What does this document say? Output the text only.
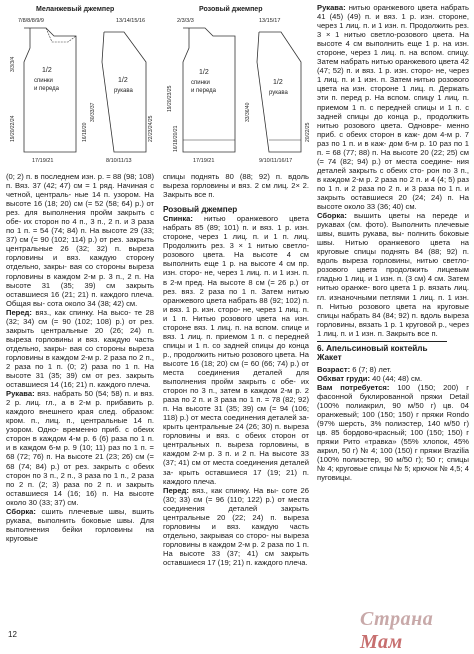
Меланжевый джемпер
7/8/8/8/9/9	13/14/15/16
1/2
спинки
и переда
1/2
рукава
3/3/3/4
19/20/22/24	16/18/20
30/33/37
22/23/24/25
17/19/21	8/10/11/13
Розовый джемпер
2/3/3/3	13/15/17
1/2
спинки
и переда
1/2
рукава
19/20/23/25
16/18/20/21
33/36/40
20/22/25
17/19/21	9/10/11/16/17

(0; 2) п. в последнем изн. р. = 88 (98; 108) п. Вяз. 37 (42; 47) см = 1 ряд. Начиная с четной, централь- ные 14 п. узором. На высоте 16 (18; 20) см (= 52 (58; 64) р.) от рез. для выполнения пройм закрыть с обе- их сторон по 4 п., 3 п., 2 п. и 3 раза по 1 п. = 54 (74; 84) п. На высоте 29 (33; 37) см (= 90 (102; 114) р.) от рез. закрыть центральные 26 (32; 32) п. выреза горловины и вяз. каждую сторону отдельно, закры- вая со стороны выреза горловины в каждом 2-м р. 3 п., 2 п. На высоте 31 (35; 39) см закрыть оставшиеся 16 (21; 21) п. каждого плеча. Общая вы- сота около 34 (38; 42) см.

Перед: вяз., как спинку. На высо- те 28 (32; 34) см (= 90 (102; 108) р.) от рез. закрыть центральные 20 (26; 24) п. выреза горловины и вяз. каждую часть отдельно, закры- вая со стороны выреза горловины в каждом 2-м р. 2 раза по 2 п., 2 раза по 1 п. (0; 2) раза по 1 п. На высоте 31 (35; 39) см от рез. закрыть оставшиеся 14 (16; 21) п. каждого плеча.

Рукава: вяз. набрать 50 (54; 58) п. и вяз. 2 р. лиц. гл., а в 2-м р. прибавить р. каждого внешнего края след. образом: кром. п., лиц. п., центральные 14 п. узором. Одно- временно приб. с обеих сторон в каждом 4-м р. 6 (6) раза по 1 п. и в каждом 6-м р. 9 (10; 11) раз по 1 п. = 68 (72; 76) п. На высоте 21 (23; 26) см (= 68 (74; 84) р.) от рез. закрыть с обеих сторон по 3 п., 2 п., 3 раза по 1 п., 2 раза по 2 п. (2; 3) раза по 2 п. и закрыть оставшиеся 14 (16; 16) п. На высоте около 30 (33; 37) см.

Сборка: сшить плечевые швы, вшить рукава, выполнить боковые швы. Для выполнения бейки горловины на круговые

спицы поднять 80 (88; 92) п. вдоль выреза горловины и вяз. 2 см лиц. 2× 2. Закрыть все п.

Розовый джемпер

Спинка: нитью оранжевого цвета набрать 85 (89; 101) п. и вяз. 1 р. изн. стороне, через 1 лиц. п. и 1 п. лиц. Продолжить рез. 3 × 1 нитью светло-розового цвета. На высоте 4 см выполнить еще 1 р. на высоте 4 см пр. изн. сторо- не, через 1 лиц. п. и 1 изн. п. в 2-м пред. На высоте 8 см (= 26 р.) от рез. вяз. 2 раза по 1 п. Затем нитью оранжевого цвета набрать 88 (92; 102) п. и вяз. 1 р. изн. сторо- не, через 1 лиц. п. и 1 п. Нитью розового цвета на изн. стороне вяз. 1 лиц. п. на вспом. спице и вяз. 1 лиц. п. приемом 1 п. с передней спицы и 1 п. со задней спицы до конца р., продолжить нитью розового цвета. На высоте 16 (18; 20) см (= 60 (66; 74) р.) от места соединения деталей для выполнения пройм закрыть с обе- их сторон по 3 п., затем в каждом 2-м р. 2 раза по 2 п. и 3 раза по 1 п. = 78 (82; 92) п. На высоте 31 (35; 39) см (= 94 (106; 118) р.) от места соединения деталей за- крыть центральные 24 (26; 30) п. выреза горловины и вяз. с обеих сторон от центральных п. выреза горловины, в каждом 2-м р. 3 п. и 2 п. На высоте 33 (37; 41) см от места соединения деталей за- крыть оставшиеся 17 (19; 21) п. каждого плеча.

Перед: вяз., как спинку. На вы- соте 26 (30; 33) см (= 96 (110; 122) р.) от места соединения деталей закрыть центральные 20 (22; 24) п. выреза горловины и вяз. каждую часть отдельно, закрывая со сторо- ны выреза горловины в каждом 2-м р. 2 раза по 1 п. На высоте 33 (37; 41) см закрыть оставшиеся 17 (19; 21) п. каждого плеча.

Рукава: нитью оранжевого цвета набрать 41 (45) (49) п. и вяз. 1 р. изн. стороне, через 1 лиц. п. и 1 изн. п. Продолжить рез. 3 × 1 нитью светло-розового цвета. На высоте 4 см выполнить еще 1 р. на изн. стороне, через 1 лиц. п. на вспом. спицу. Затем набрать нитью оранжевого цвета 42 (47; 52) п. и вяз. 1 р. изн. сторо- не, через 1 лиц. п. и 1 изн. п. Затем нитью розового цвета на изн. стороне 1 лиц. п. Держать эти п. перед р. На вспом. спицу 1 лиц. п. приемом 1 п. с передней спицы и 1 п. с задней спицы до конца р., продолжить нитью розового цвета. Одновре- менно приб. с обеих сторон в каж- дом 4-м р. 7 раз по 1 п. и в каж- дом 6-м р. 10 раз по 1 п. = 68 (77; 88) п. На высоте 20 (22; 25) см (= 74 (82; 94) р.) от места соедине- ния деталей закрыть с обеих сто- рон по 3 п., в каждом 2-м р. 2 раза по 2 п. и 4 (4; 5) раз по 1 п. и 2 раза по 2 п. и 3 раза по 1 п. и закрыть оставшиеся 20 (24; 24) п. На высоте около 33 (36; 40) см.

Сборка: вышить цветы на переде и рукавах (см. фото). Выполнить плечевые швы, вшить рукава, вы- полнить боковые швы. Нитью оранжевого цвета на круговые спицы поднять 84 (88; 92) п. вдоль выреза горловины, нитью светло-розового цвета продолжить лицевым гладью 1 лиц. и 1 изн. п. (3 см) 4 см. Затем нитью оранже- вого цвета 1 р. вязать лиц. гл. изнаночными петлями 1 лиц. п. 1 изн. п. Нитью розового цвета на круговые спицы набрать 84 (84; 92) п. вдоль выреза горловины, вязать 1 р. 1 круговой р., через 1 лиц. п. и 1 изн. п. Закрыть все п.

6. Апельсиновый коктейль

Жакет

Возраст: 6 (7; 8) лет.

Обхват груди: 40 (44; 48) см.

Вам потребуется: 100 (150; 200) г фасонной буклированной пряжи Detail (100% полиакрил, 90 м/50 г) цв. 04 оранжевый; 100 (150; 150) г пряжи Rondo (97% шерсть, 3% полиэстер, 140 м/50 г) цв. 85 бордово-красный; 100 (150; 150) г пряжи Рито «травка» (55% хлопок, 45% акрил, 50 г) № 4; 100 (150) г пряжи Brazilia (100% полиэстер, 90 м/50 г); 50 г; спицы № 4; круговые спицы № 5; крючок № 4,5; 4 пуговицы.

12
Страна Мам
